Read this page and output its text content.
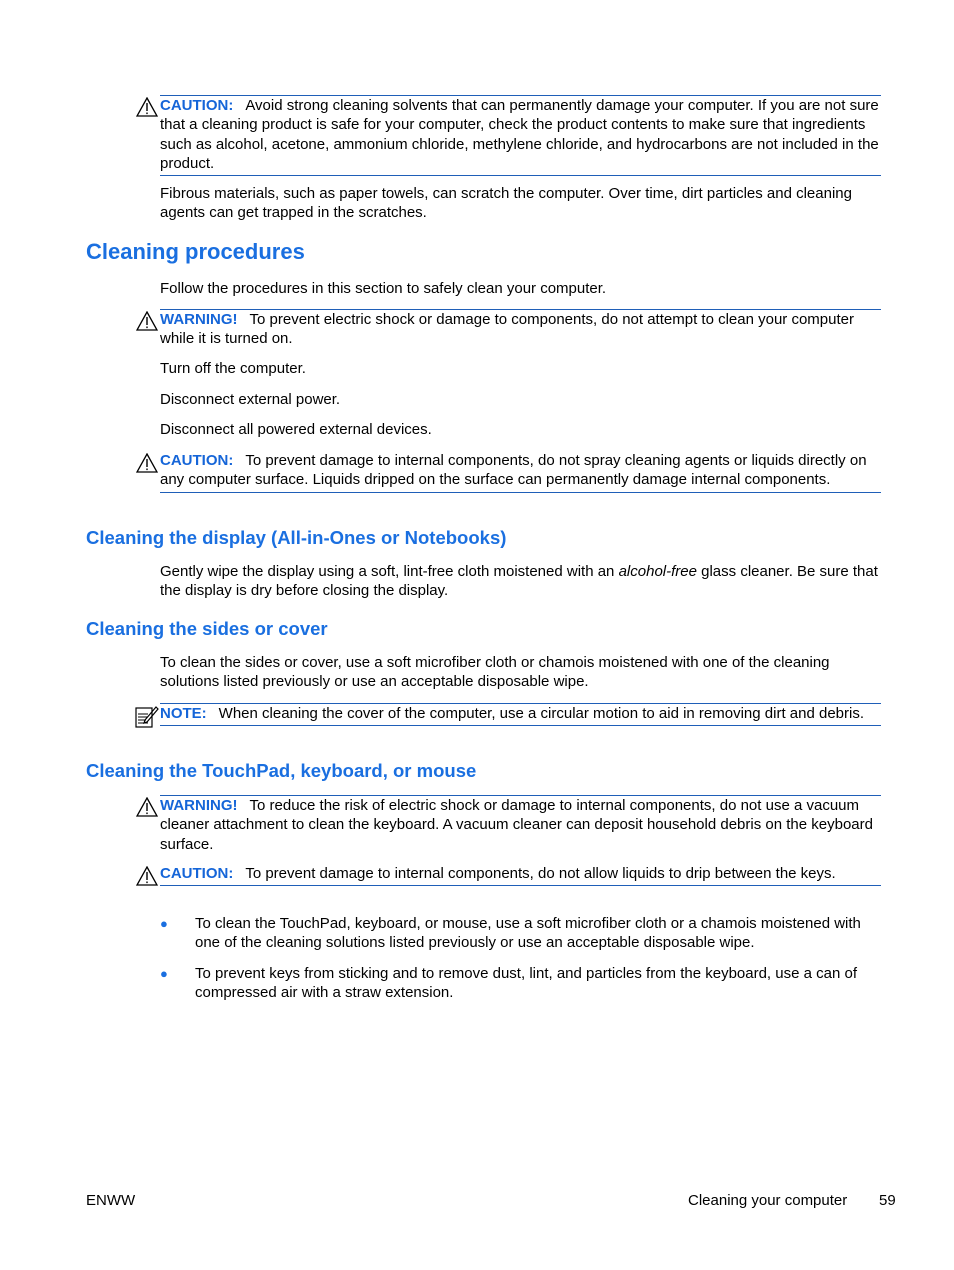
CAUTION: Avoid strong cleaning solvents that can permanently damage your computer. If you are not sure that a cleaning product is safe for your computer, check the product contents to make sure that ingredients such as alcohol, acetone, ammonium chloride, methylene chloride, and hydrocarbons are not included in the product.

Fibrous materials, such as paper towels, can scratch the computer. Over time, dirt particles and cleaning agents can get trapped in the scratches.

Cleaning procedures

Follow the procedures in this section to safely clean your computer.

WARNING! To prevent electric shock or damage to components, do not attempt to clean your computer while it is turned on.

Turn off the computer.

Disconnect external power.

Disconnect all powered external devices.

CAUTION: To prevent damage to internal components, do not spray cleaning agents or liquids directly on any computer surface. Liquids dripped on the surface can permanently damage internal components.
Cleaning the display (All-in-Ones or Notebooks)

Gently wipe the display using a soft, lint-free cloth moistened with an alcohol-free glass cleaner. Be sure that the display is dry before closing the display.

Cleaning the sides or cover

To clean the sides or cover, use a soft microfiber cloth or chamois moistened with one of the cleaning solutions listed previously or use an acceptable disposable wipe.

NOTE: When cleaning the cover of the computer, use a circular motion to aid in removing dirt and debris.
Cleaning the TouchPad, keyboard, or mouse
WARNING! To reduce the risk of electric shock or damage to internal components, do not use a vacuum cleaner attachment to clean the keyboard. A vacuum cleaner can deposit household debris on the keyboard surface.
CAUTION: To prevent damage to internal components, do not allow liquids to drip between the keys.
● To clean the TouchPad, keyboard, or mouse, use a soft microfiber cloth or a chamois moistened with one of the cleaning solutions listed previously or use an acceptable disposable wipe.

● To prevent keys from sticking and to remove dust, lint, and particles from the keyboard, use a can of compressed air with a straw extension.

ENWW	Cleaning your computer 59
